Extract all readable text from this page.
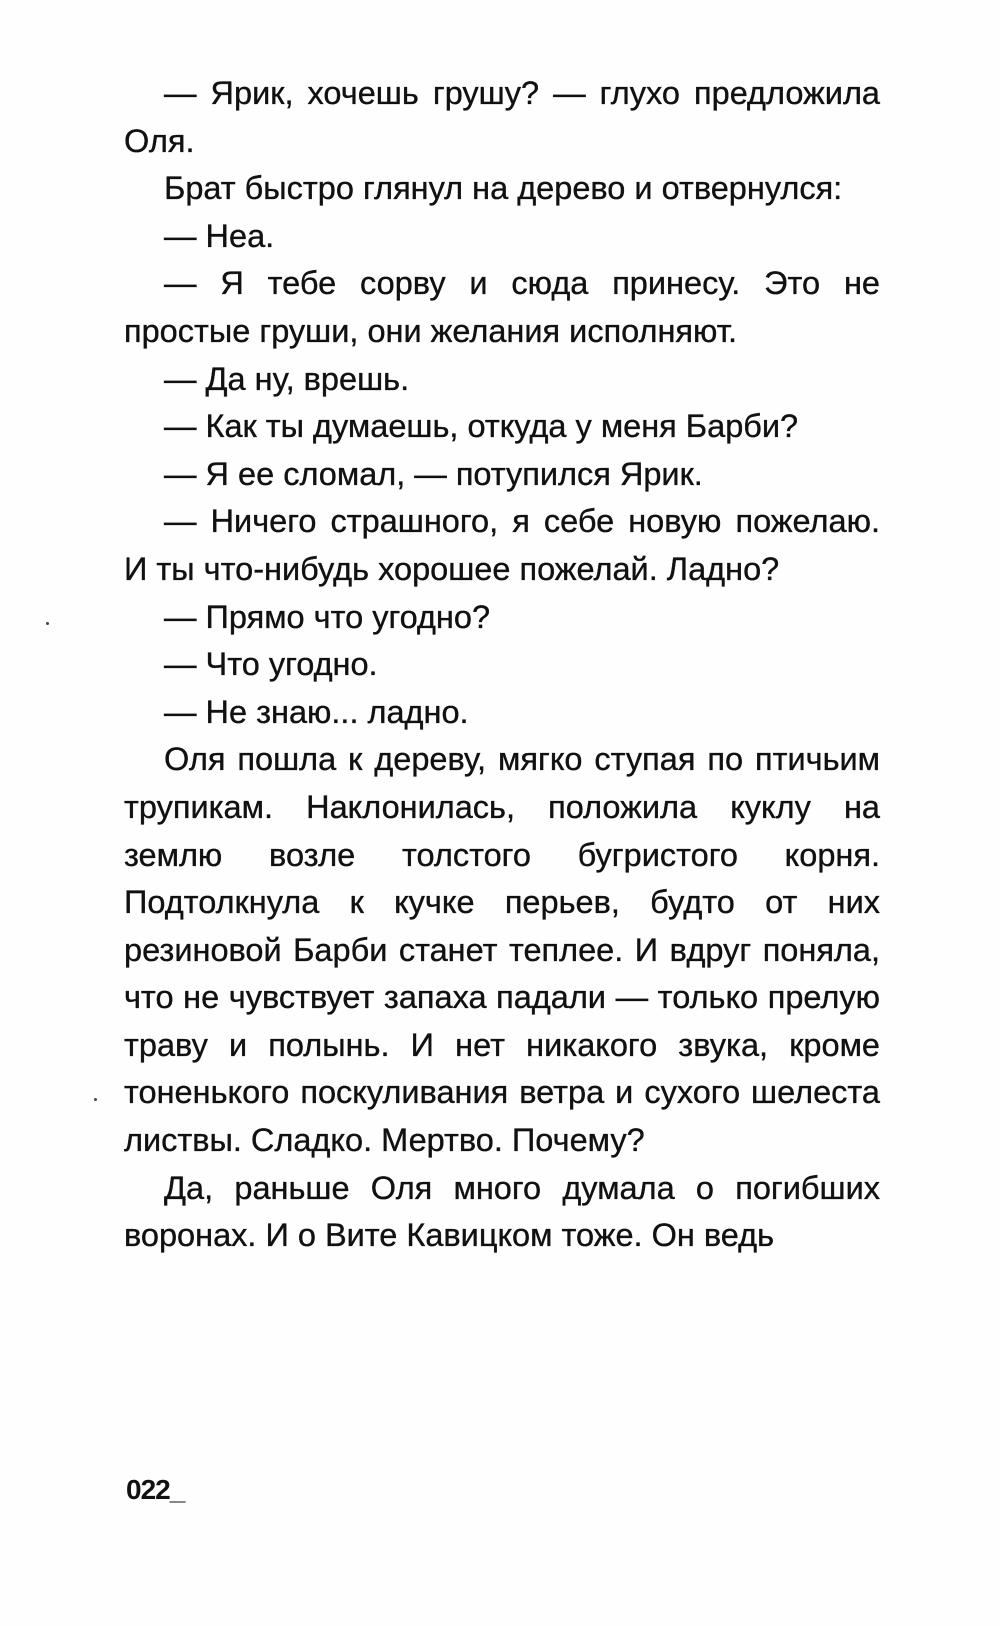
— Ярик, хочешь грушу? — глухо предложила Оля.

Брат быстро глянул на дерево и отвернулся:

— Неа.

— Я тебе сорву и сюда принесу. Это не простые груши, они желания исполняют.

— Да ну, врешь.

— Как ты думаешь, откуда у меня Барби?

— Я ее сломал, — потупился Ярик.

— Ничего страшного, я себе новую пожелаю. И ты что-нибудь хорошее пожелай. Ладно?

— Прямо что угодно?

— Что угодно.

— Не знаю... ладно.

Оля пошла к дереву, мягко ступая по птичьим трупикам. Наклонилась, положила куклу на землю возле толстого бугристого корня. Подтолкнула к кучке перьев, будто от них резиновой Барби станет теплее. И вдруг поняла, что не чувствует запаха падали — только прелую траву и полынь. И нет никакого звука, кроме тоненького поскуливания ветра и сухого шелеста листвы. Сладко. Мертво. Почему?

Да, раньше Оля много думала о погибших воронах. И о Вите Кавицком тоже. Он ведь

022_
